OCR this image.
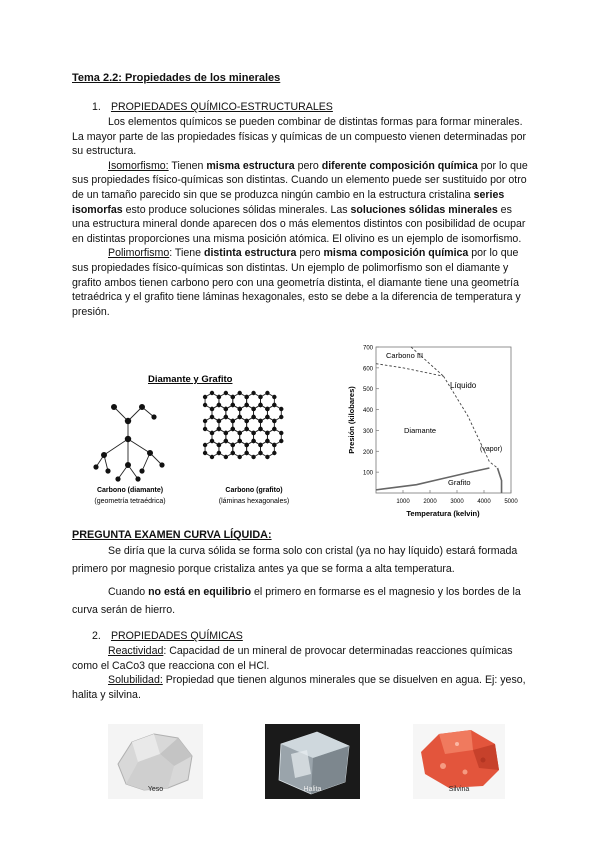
Tema 2.2: Propiedades de los minerales
1. PROPIEDADES QUÍMICO-ESTRUCTURALES

Los elementos químicos se pueden combinar de distintas formas para formar minerales. La mayor parte de las propiedades físicas y químicas de un compuesto vienen determinadas por su estructura.

Isomorfismo: Tienen misma estructura pero diferente composición química por lo que sus propiedades físico-químicas son distintas. Cuando un elemento puede ser sustituido por otro de un tamaño parecido sin que se produzca ningún cambio en la estructura cristalina series isomorfas esto produce soluciones sólidas minerales. Las soluciones sólidas minerales es una estructura mineral donde aparecen dos o más elementos distintos con posibilidad de ocupar en distintas proporciones una misma posición atómica. El olivino es un ejemplo de isomorfismo.

Polimorfismo: Tiene distinta estructura pero misma composición química por lo que sus propiedades físico-químicas son distintas. Un ejemplo de polimorfismo son el diamante y grafito ambos tienen carbono pero con una geometría distinta, el diamante tiene una geometría tetraédrica y el grafito tiene láminas hexagonales, esto se debe a la diferencia de temperatura y presión.

Diamante y Grafito
Carbono (diamante)
(geometría tetraédrica)
Carbono (grafito)
(láminas hexagonales)
100
200
300
400
500
600
700
1000 2000 3000 4000 5000
Carbono III
Líquido
Diamante
(vapor)
Grafito
Temperatura (kelvin)
Presión (kilobares)
PREGUNTA EXAMEN CURVA LÍQUIDA:

Se diría que la curva sólida se forma solo con cristal (ya no hay líquido) estará formada primero por magnesio porque cristaliza antes ya que se forma a alta temperatura.

Cuando no está en equilibrio el primero en formarse es el magnesio y los bordes de la curva serán de hierro.

2. PROPIEDADES QUÍMICAS

Reactividad: Capacidad de un mineral de provocar determinadas reacciones químicas como el CaCo3 que reacciona con el HCl.

Solubilidad: Propiedad que tienen algunos minerales que se disuelven en agua. Ej: yeso, halita y silvina.

Yeso	Halita	Silvina
